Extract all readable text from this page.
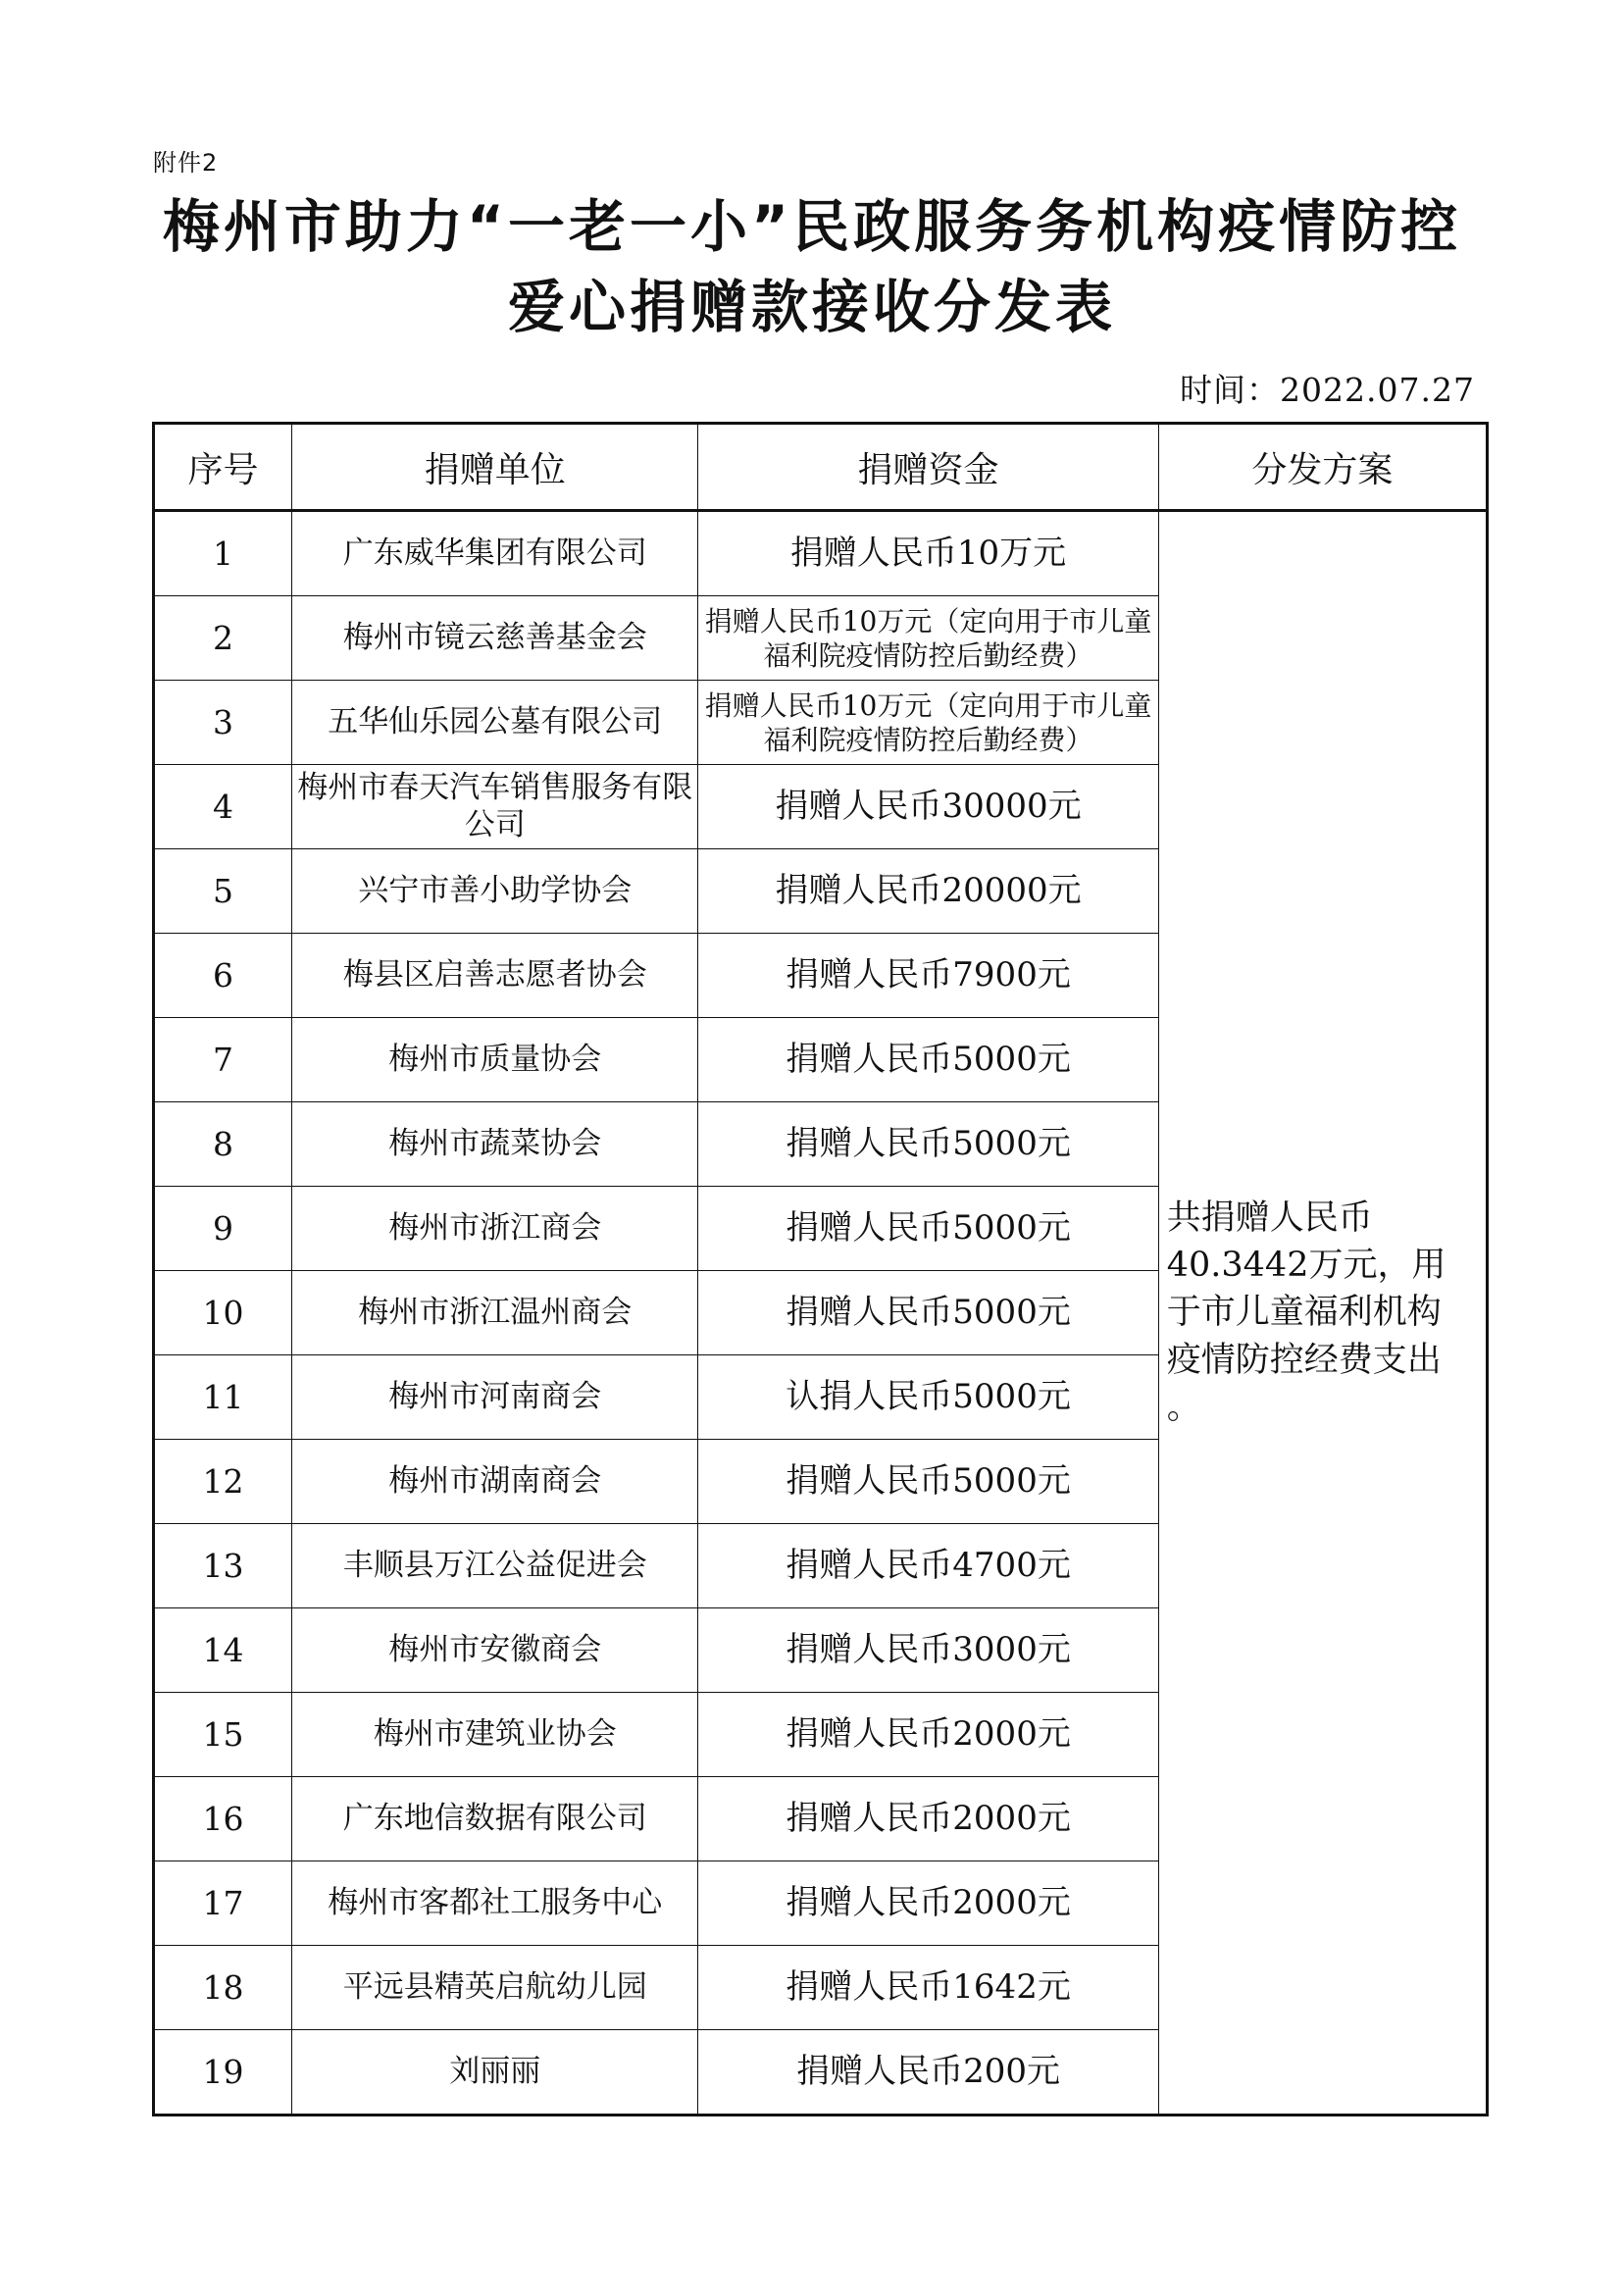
附件2
梅州市助力“一老一小”民政服务务机构疫情防控
爱心捐赠款接收分发表
时间：2022.07.27
序号	捐赠单位	捐赠资金	分发方案
1	广东威华集团有限公司	捐赠人民币10万元	共捐赠人民币
40.3442万元，用
于市儿童福利机构
疫情防控经费支出
。

2	梅州市镜云慈善基金会	捐赠人民币10万元（定向用于市儿童福利院疫情防控后勤经费）	
3	五华仙乐园公墓有限公司	捐赠人民币10万元（定向用于市儿童福利院疫情防控后勤经费）	
4	梅州市春天汽车销售服务有限公司	捐赠人民币30000元	
5	兴宁市善小助学协会	捐赠人民币20000元	
6	梅县区启善志愿者协会	捐赠人民币7900元	
7	梅州市质量协会	捐赠人民币5000元	
8	梅州市蔬菜协会	捐赠人民币5000元	
9	梅州市浙江商会	捐赠人民币5000元	
10	梅州市浙江温州商会	捐赠人民币5000元	
11	梅州市河南商会	认捐人民币5000元	
12	梅州市湖南商会	捐赠人民币5000元	
13	丰顺县万江公益促进会	捐赠人民币4700元	
14	梅州市安徽商会	捐赠人民币3000元	
15	梅州市建筑业协会	捐赠人民币2000元	
16	广东地信数据有限公司	捐赠人民币2000元	
17	梅州市客都社工服务中心	捐赠人民币2000元	
18	平远县精英启航幼儿园	捐赠人民币1642元	
19	刘丽丽	捐赠人民币200元	
